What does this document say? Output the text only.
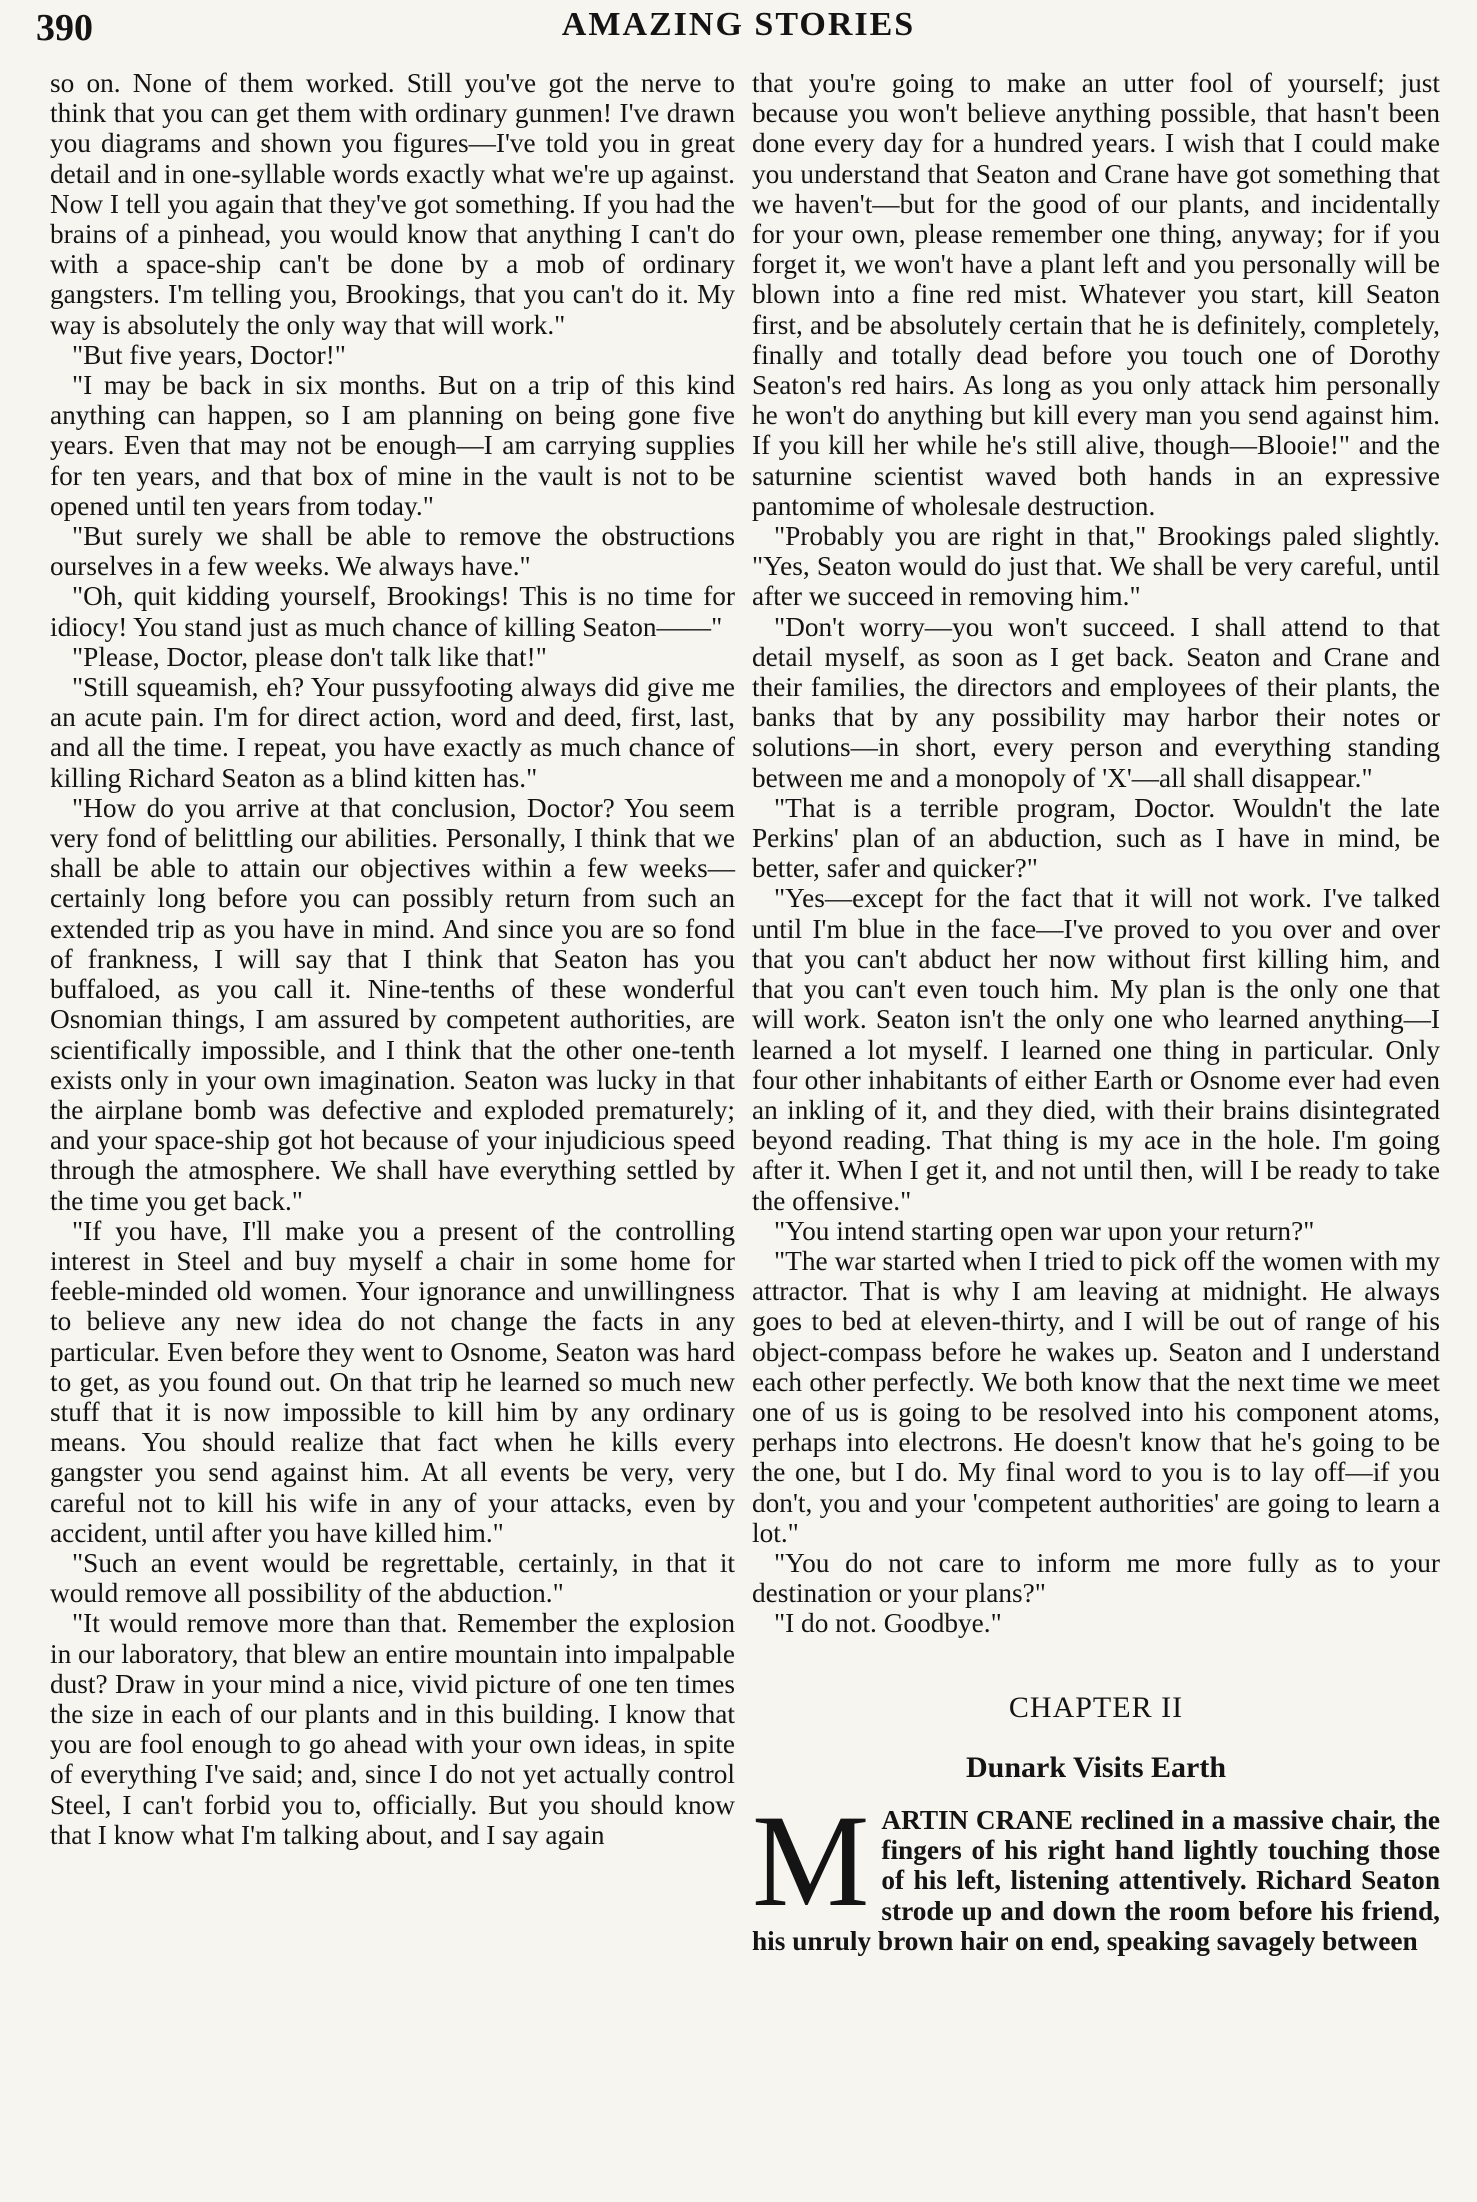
390	AMAZING STORIES

so on. None of them worked. Still you've got the nerve to think that you can get them with ordinary gunmen! I've drawn you diagrams and shown you figures—I've told you in great detail and in one-syllable words exactly what we're up against. Now I tell you again that they've got something. If you had the brains of a pinhead, you would know that anything I can't do with a space-ship can't be done by a mob of ordinary gangsters. I'm telling you, Brookings, that you can't do it. My way is absolutely the only way that will work."

"But five years, Doctor!"

"I may be back in six months. But on a trip of this kind anything can happen, so I am planning on being gone five years. Even that may not be enough—I am carrying supplies for ten years, and that box of mine in the vault is not to be opened until ten years from today."

"But surely we shall be able to remove the obstructions ourselves in a few weeks. We always have."

"Oh, quit kidding yourself, Brookings! This is no time for idiocy! You stand just as much chance of killing Seaton——"

"Please, Doctor, please don't talk like that!"

"Still squeamish, eh? Your pussyfooting always did give me an acute pain. I'm for direct action, word and deed, first, last, and all the time. I repeat, you have exactly as much chance of killing Richard Seaton as a blind kitten has."

"How do you arrive at that conclusion, Doctor? You seem very fond of belittling our abilities. Personally, I think that we shall be able to attain our objectives within a few weeks—certainly long before you can possibly return from such an extended trip as you have in mind. And since you are so fond of frankness, I will say that I think that Seaton has you buffaloed, as you call it. Nine-tenths of these wonderful Osnomian things, I am assured by competent authorities, are scientifically impossible, and I think that the other one-tenth exists only in your own imagination. Seaton was lucky in that the airplane bomb was defective and exploded prematurely; and your space-ship got hot because of your injudicious speed through the atmosphere. We shall have everything settled by the time you get back."

"If you have, I'll make you a present of the controlling interest in Steel and buy myself a chair in some home for feeble-minded old women. Your ignorance and unwillingness to believe any new idea do not change the facts in any particular. Even before they went to Osnome, Seaton was hard to get, as you found out. On that trip he learned so much new stuff that it is now impossible to kill him by any ordinary means. You should realize that fact when he kills every gangster you send against him. At all events be very, very careful not to kill his wife in any of your attacks, even by accident, until after you have killed him."

"Such an event would be regrettable, certainly, in that it would remove all possibility of the abduction."

"It would remove more than that. Remember the explosion in our laboratory, that blew an entire mountain into impalpable dust? Draw in your mind a nice, vivid picture of one ten times the size in each of our plants and in this building. I know that you are fool enough to go ahead with your own ideas, in spite of everything I've said; and, since I do not yet actually control Steel, I can't forbid you to, officially. But you should know that I know what I'm talking about, and I say again

that you're going to make an utter fool of yourself; just because you won't believe anything possible, that hasn't been done every day for a hundred years. I wish that I could make you understand that Seaton and Crane have got something that we haven't—but for the good of our plants, and incidentally for your own, please remember one thing, anyway; for if you forget it, we won't have a plant left and you personally will be blown into a fine red mist. Whatever you start, kill Seaton first, and be absolutely certain that he is definitely, completely, finally and totally dead before you touch one of Dorothy Seaton's red hairs. As long as you only attack him personally he won't do anything but kill every man you send against him. If you kill her while he's still alive, though—Blooie!" and the saturnine scientist waved both hands in an expressive pantomime of wholesale destruction.

"Probably you are right in that," Brookings paled slightly. "Yes, Seaton would do just that. We shall be very careful, until after we succeed in removing him."

"Don't worry—you won't succeed. I shall attend to that detail myself, as soon as I get back. Seaton and Crane and their families, the directors and employees of their plants, the banks that by any possibility may harbor their notes or solutions—in short, every person and everything standing between me and a monopoly of 'X'—all shall disappear."

"That is a terrible program, Doctor. Wouldn't the late Perkins' plan of an abduction, such as I have in mind, be better, safer and quicker?"

"Yes—except for the fact that it will not work. I've talked until I'm blue in the face—I've proved to you over and over that you can't abduct her now without first killing him, and that you can't even touch him. My plan is the only one that will work. Seaton isn't the only one who learned anything—I learned a lot myself. I learned one thing in particular. Only four other inhabitants of either Earth or Osnome ever had even an inkling of it, and they died, with their brains disintegrated beyond reading. That thing is my ace in the hole. I'm going after it. When I get it, and not until then, will I be ready to take the offensive."

"You intend starting open war upon your return?"

"The war started when I tried to pick off the women with my attractor. That is why I am leaving at midnight. He always goes to bed at eleven-thirty, and I will be out of range of his object-compass before he wakes up. Seaton and I understand each other perfectly. We both know that the next time we meet one of us is going to be resolved into his component atoms, perhaps into electrons. He doesn't know that he's going to be the one, but I do. My final word to you is to lay off—if you don't, you and your 'competent authorities' are going to learn a lot."

"You do not care to inform me more fully as to your destination or your plans?"

"I do not. Goodbye."

CHAPTER II
Dunark Visits Earth

M ARTIN CRANE reclined in a massive chair, the fingers of his right hand lightly touching those of his left, listening attentively. Richard Seaton strode up and down the room before his friend, his unruly brown hair on end, speaking savagely between
